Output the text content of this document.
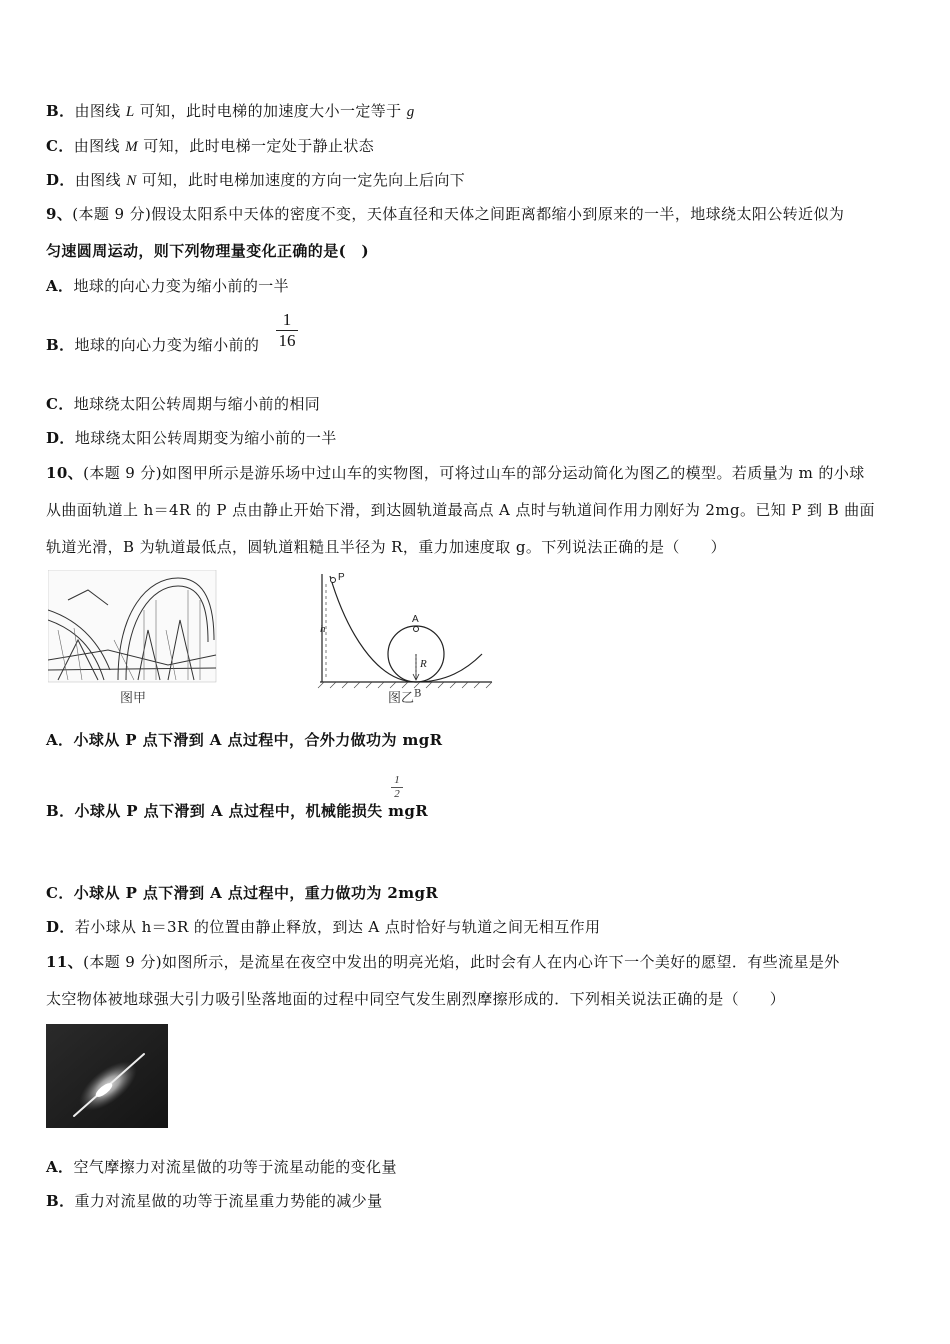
B．由图线 L 可知，此时电梯的加速度大小一定等于 g
C．由图线 M 可知，此时电梯一定处于静止状态
D．由图线 N 可知，此时电梯加速度的方向一定先向上后向下
9、(本题 9 分)假设太阳系中天体的密度不变，天体直径和天体之间距离都缩小到原来的一半，地球绕太阳公转近似为
匀速圆周运动，则下列物理量变化正确的是(　)
A．地球的向心力变为缩小前的一半
B．地球的向心力变为缩小前的
1
16
C．地球绕太阳公转周期与缩小前的相同
D．地球绕太阳公转周期变为缩小前的一半
10、(本题 9 分)如图甲所示是游乐场中过山车的实物图，可将过山车的部分运动简化为图乙的模型。若质量为 m 的小球
从曲面轨道上 h＝4R 的 P 点由静止开始下滑，到达圆轨道最高点 A 点时与轨道间作用力刚好为 2mg。已知 P 到 B 曲面
轨道光滑，B 为轨道最低点，圆轨道粗糙且半径为 R，重力加速度取 g。下列说法正确的是（　　）
图甲
P
h
A
R
图乙$^B$
A．小球从 P 点下滑到 A 点过程中，合外力做功为 mgR
1
2
B．小球从 P 点下滑到 A 点过程中，机械能损失 mgR
C．小球从 P 点下滑到 A 点过程中，重力做功为 2mgR
D．若小球从 h＝3R 的位置由静止释放，到达 A 点时恰好与轨道之间无相互作用
11、(本题 9 分)如图所示，是流星在夜空中发出的明亮光焰，此时会有人在内心许下一个美好的愿望．有些流星是外
太空物体被地球强大引力吸引坠落地面的过程中同空气发生剧烈摩擦形成的．下列相关说法正确的是（　　）
A．空气摩擦力对流星做的功等于流星动能的变化量
B．重力对流星做的功等于流星重力势能的减少量
